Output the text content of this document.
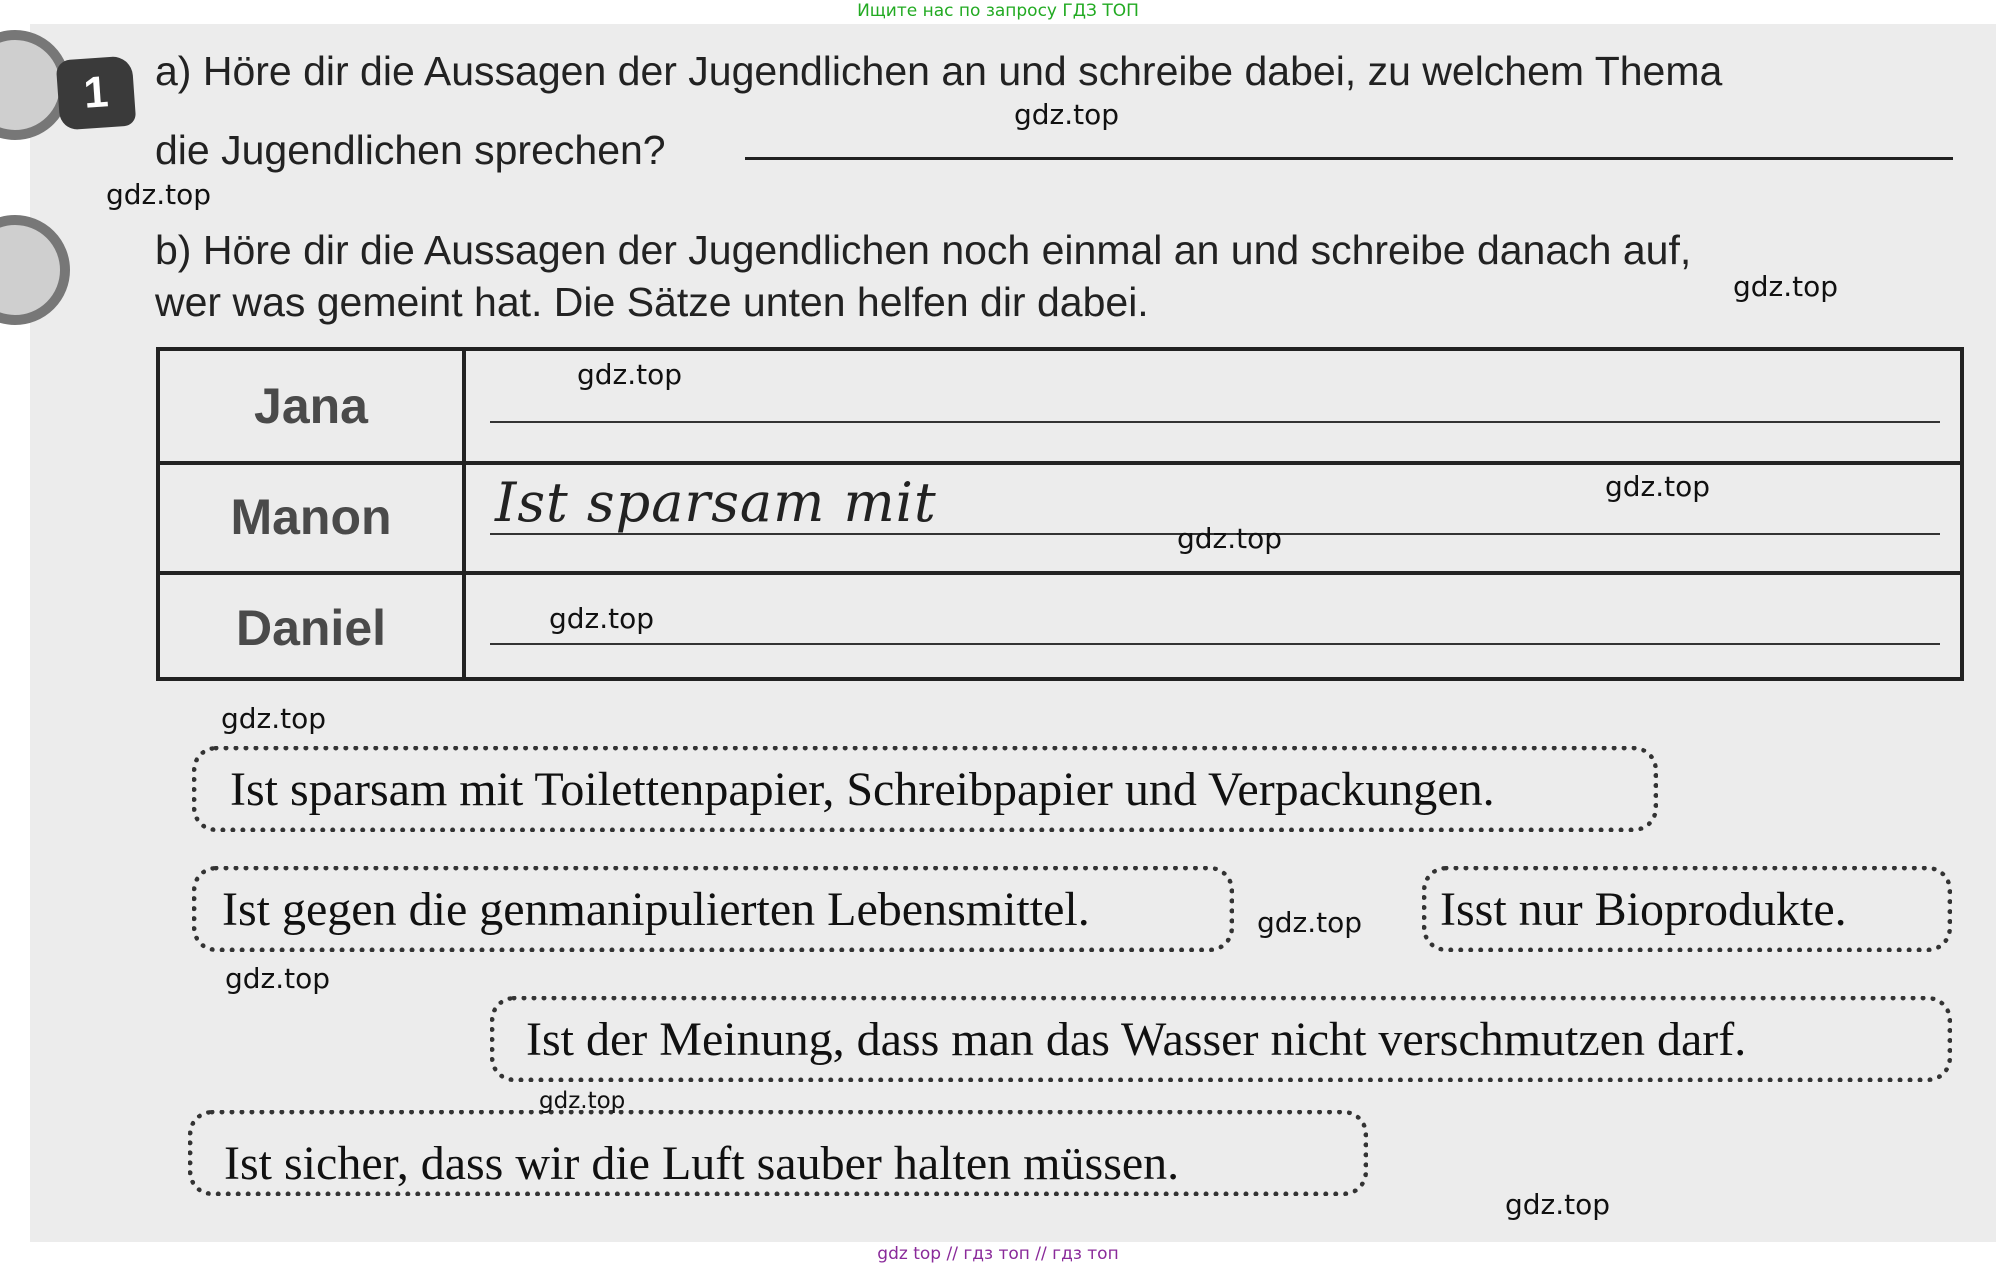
Ищите нас по запросу ГДЗ ТОП
1	a) Höre dir die Aussagen der Jugendlichen an und schreibe dabei, zu welchem Thema
die Jugendlichen sprechen?
b) Höre dir die Aussagen der Jugendlichen noch einmal an und schreibe danach auf,
wer was gemeint hat. Die Sätze unten helfen dir dabei.
Jana
Manon	Ist sparsam mit
Daniel
Ist sparsam mit Toilettenpapier, Schreibpapier und Verpackungen.
Ist gegen die genmanipulierten Lebensmittel.	Isst nur Bioprodukte.
Ist der Meinung, dass man das Wasser nicht verschmutzen darf.
Ist sicher, dass wir die Luft sauber halten müssen.
gdz.top
gdz.top
gdz.top
gdz.top
gdz.top
gdz.top
gdz.top
gdz.top
gdz.top
gdz.top
gdz.top
gdz.top
gdz top // гдз топ // гдз топ
